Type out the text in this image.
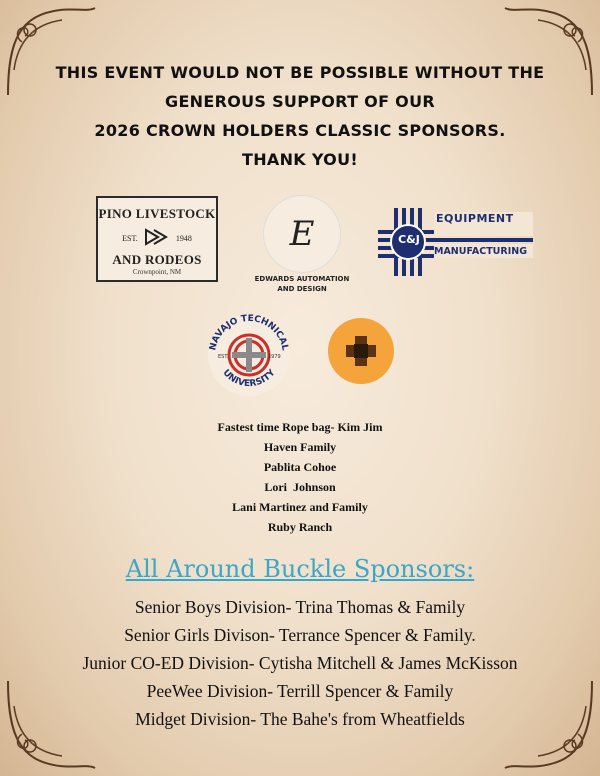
THIS EVENT WOULD NOT BE POSSIBLE WITHOUT THE
GENEROUS SUPPORT OF OUR
2026 CROWN HOLDERS CLASSIC SPONSORS.
THANK YOU!
PINO LIVESTOCK
EST.	1948
AND RODEOS
Crownpoint, NM
E
EDWARDS AUTOMATION AND DESIGN
C&J
EQUIPMENT
MANUFACTURING
NAVAJO TECHNICAL
UNIVERSITY
EST.	1979
Fastest time Rope bag- Kim Jim
Haven Family
Pablita Cohoe
Lori  Johnson
Lani Martinez and Family
Ruby Ranch
All Around Buckle Sponsors:
Senior Boys Division- Trina Thomas & Family
Senior Girls Divison- Terrance Spencer & Family.
Junior CO-ED Division- Cytisha Mitchell & James McKisson
PeeWee Division- Terrill Spencer & Family
Midget Division- The Bahe's from Wheatfields
